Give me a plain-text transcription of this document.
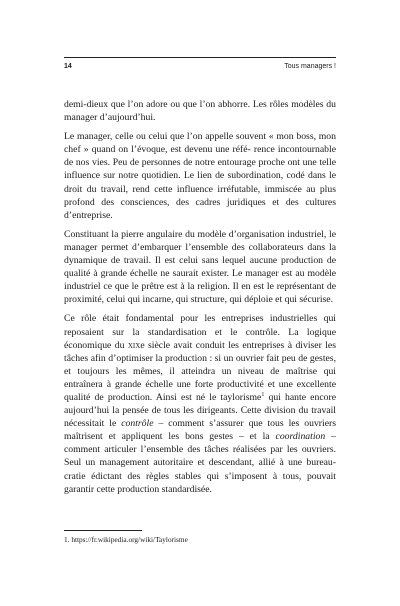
14	Tous managers !

demi-dieux que l’on adore ou que l’on abhorre. Les rôles modèles du manager d’aujourd’hui.

Le manager, celle ou celui que l’on appelle souvent « mon boss, mon chef » quand on l’évoque, est devenu une réfé- rence incontournable de nos vies. Peu de personnes de notre entourage proche ont une telle influence sur notre quotidien. Le lien de subordination, codé dans le droit du travail, rend cette influence irréfutable, immiscée au plus profond des consciences, des cadres juridiques et des cultures d’entreprise.

Constituant la pierre angulaire du modèle d’organisation industriel, le manager permet d’embarquer l’ensemble des collaborateurs dans la dynamique de travail. Il est celui sans lequel aucune production de qualité à grande échelle ne saurait exister. Le manager est au modèle industriel ce que le prêtre est à la religion. Il en est le représentant de proximité, celui qui incarne, qui structure, qui déploie et qui sécurise.

Ce rôle était fondamental pour les entreprises industrielles qui reposaient sur la standardisation et le contrôle. La logique économique du xixe siècle avait conduit les entreprises à diviser les tâches afin d’optimiser la production : si un ouvrier fait peu de gestes, et toujours les mêmes, il atteindra un niveau de maîtrise qui entraînera à grande échelle une forte productivité et une excellente qualité de production. Ainsi est né le taylorisme$^1$ qui hante encore aujourd’hui la pensée de tous les dirigeants. Cette division du travail nécessitait le contrôle – comment s’assurer que tous les ouvriers maîtrisent et appliquent les bons gestes – et la coordination – comment articuler l’ensemble des tâches réalisées par les ouvriers. Seul un management autoritaire et descendant, allié à une bureau- cratie édictant des règles stables qui s’imposent à tous, pouvait garantir cette production standardisée.

1. https://fr.wikipedia.org/wiki/Taylorisme
